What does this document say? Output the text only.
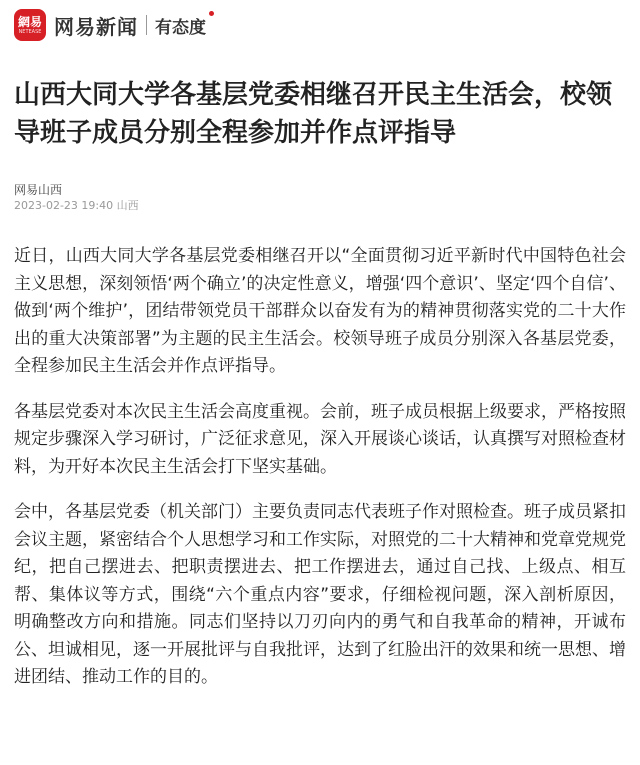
網易
NETEASE 网易新闻 有态度
山西大同大学各基层党委相继召开民主生活会，校领导班子成员分别全程参加并作点评指导
网易山西
2023-02-23 19:40 山西

近日，山西大同大学各基层党委相继召开以“全面贯彻习近平新时代中国特色社会主义思想，深刻领悟‘两个确立’的决定性意义，增强‘四个意识’、坚定‘四个自信’、做到‘两个维护’，团结带领党员干部群众以奋发有为的精神贯彻落实党的二十大作出的重大决策部署”为主题的民主生活会。校领导班子成员分别深入各基层党委，全程参加民主生活会并作点评指导。

各基层党委对本次民主生活会高度重视。会前，班子成员根据上级要求，严格按照规定步骤深入学习研讨，广泛征求意见，深入开展谈心谈话，认真撰写对照检查材料，为开好本次民主生活会打下坚实基础。

会中，各基层党委（机关部门）主要负责同志代表班子作对照检查。班子成员紧扣会议主题，紧密结合个人思想学习和工作实际，对照党的二十大精神和党章党规党纪，把自己摆进去、把职责摆进去、把工作摆进去，通过自己找、上级点、相互帮、集体议等方式，围绕“六个重点内容”要求，仔细检视问题，深入剖析原因，明确整改方向和措施。同志们坚持以刀刃向内的勇气和自我革命的精神，开诚布公、坦诚相见，逐一开展批评与自我批评，达到了红脸出汗的效果和统一思想、增进团结、推动工作的目的。
